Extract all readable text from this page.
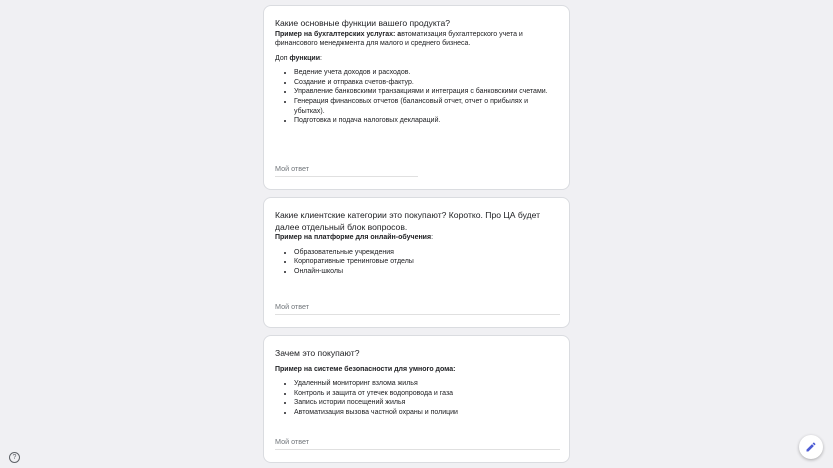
Какие основные функции вашего продукта?

Пример на бухгалтерских услугах: автоматизация бухгалтерского учета и финансового менеджмента для малого и среднего бизнеса.

Доп функции:

• Ведение учета доходов и расходов.
• Создание и отправка счетов-фактур.
• Управление банковскими транзакциями и интеграция с банковскими счетами.
• Генерация финансовых отчетов (балансовый отчет, отчет о прибылях и убытках).
• Подготовка и подача налоговых деклараций.
Мой ответ

Какие клиентские категории это покупают? Коротко. Про ЦА будет далее отдельный блок вопросов.

Пример на платформе для онлайн-обучения:

• Образовательные учреждения
• Корпоративные тренинговые отделы
• Онлайн-школы
Мой ответ

Зачем это покупают?

Пример на системе безопасности для умного дома:

• Удаленный мониторинг взлома жилья
• Контроль и защита от утечек водопровода и газа
• Запись истории посещений жилья
• Автоматизация вызова частной охраны и полиции
Мой ответ
?
